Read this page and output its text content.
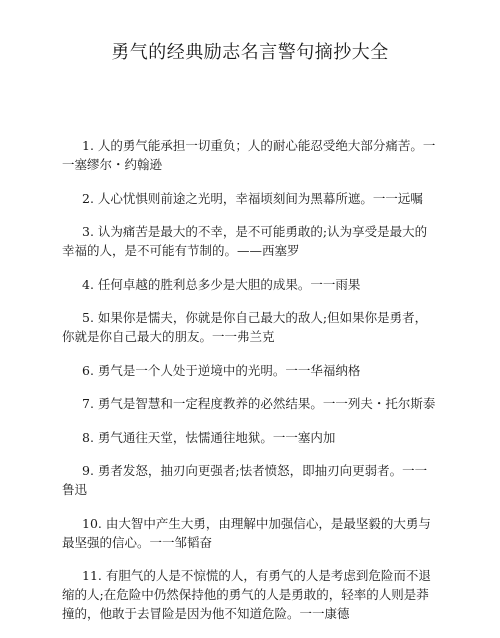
勇气的经典励志名言警句摘抄大全
1. 人的勇气能承担一切重负；人的耐心能忍受绝大部分痛苦。一 一塞缪尔・约翰逊
2. 人心忧惧则前途之光明，幸福顷刻间为黑幕所遮。一一远嘱
3. 认为痛苦是最大的不幸，是不可能勇敢的;认为享受是最大的 幸福的人，是不可能有节制的。——西塞罗
4. 任何卓越的胜利总多少是大胆的成果。一一雨果
5. 如果你是懦夫，你就是你自己最大的敌人;但如果你是勇者， 你就是你自己最大的朋友。一一弗兰克
6. 勇气是一个人处于逆境中的光明。一一华福纳格
7. 勇气是智慧和一定程度教养的必然结果。一一列夫・托尔斯泰
8. 勇气通往天堂，怯懦通往地狱。一一塞内加
9. 勇者发怒，抽刃向更强者;怯者愤怒，即抽刃向更弱者。一一 鲁迅
10. 由大智中产生大勇，由理解中加强信心，是最坚毅的大勇与 最坚强的信心。一一邹韬奋
11. 有胆气的人是不惊慌的人，有勇气的人是考虑到危险而不退 缩的人;在危险中仍然保持他的勇气的人是勇敢的，轻率的人则是莽 撞的，他敢于去冒险是因为他不知道危险。一一康德
